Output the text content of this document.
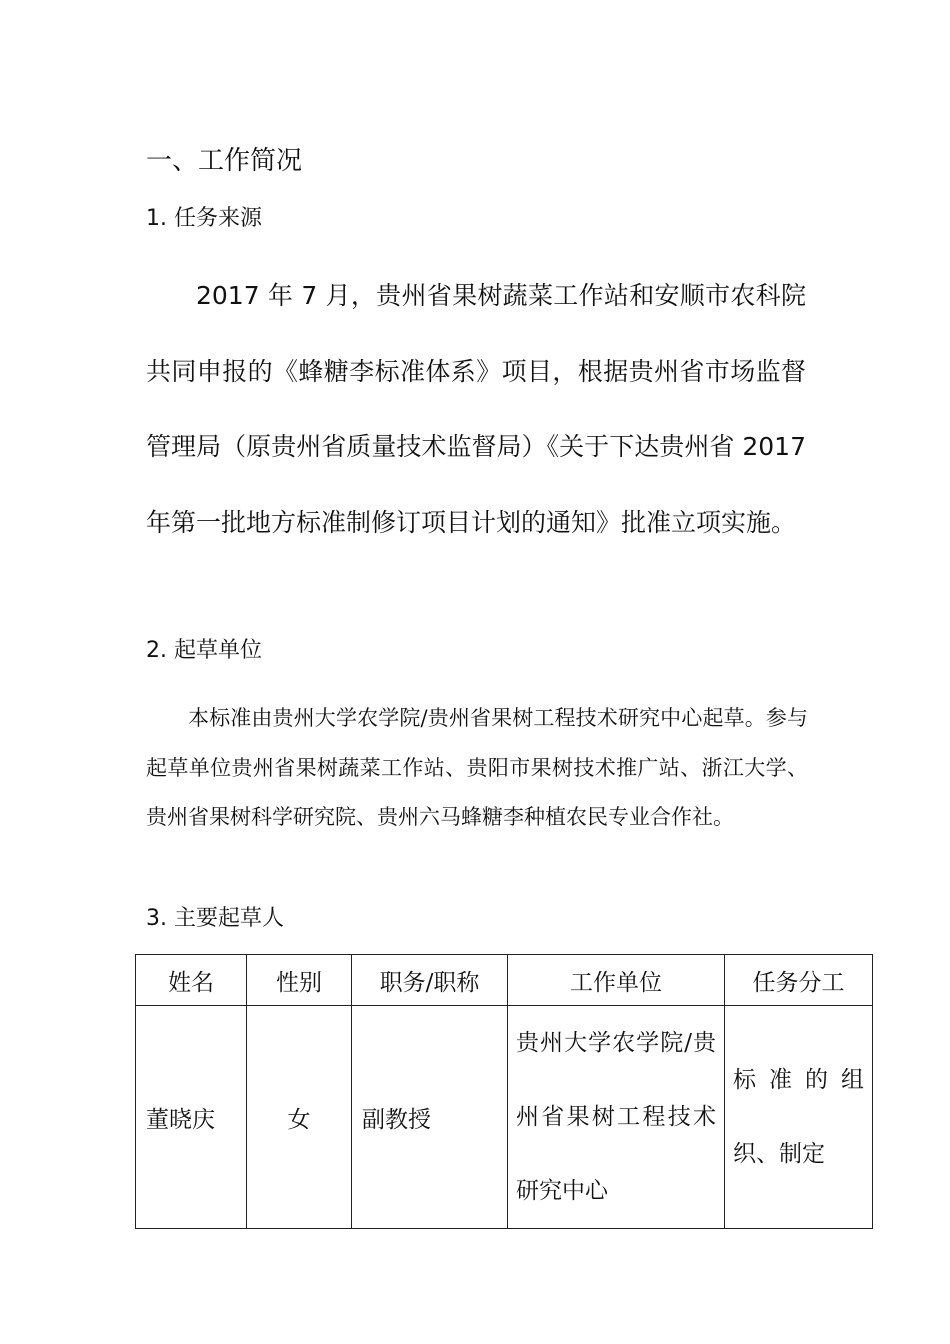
一、工作简况
1. 任务来源

2017 年 7 月，贵州省果树蔬菜工作站和安顺市农科院共同申报的《蜂糖李标准体系》项目，根据贵州省市场监督管理局（原贵州省质量技术监督局）《关于下达贵州省 2017 年第一批地方标准制修订项目计划的通知》批准立项实施。

2. 起草单位

本标准由贵州大学农学院/贵州省果树工程技术研究中心起草。参与起草单位贵州省果树蔬菜工作站、贵阳市果树技术推广站、浙江大学、贵州省果树科学研究院、贵州六马蜂糖李种植农民专业合作社。

3. 主要起草人
姓名	性别	职务/职称	工作单位	任务分工
董晓庆	女	副教授	贵州大学农学院/贵州省果树工程技术研究中心	标准的组织、制定
